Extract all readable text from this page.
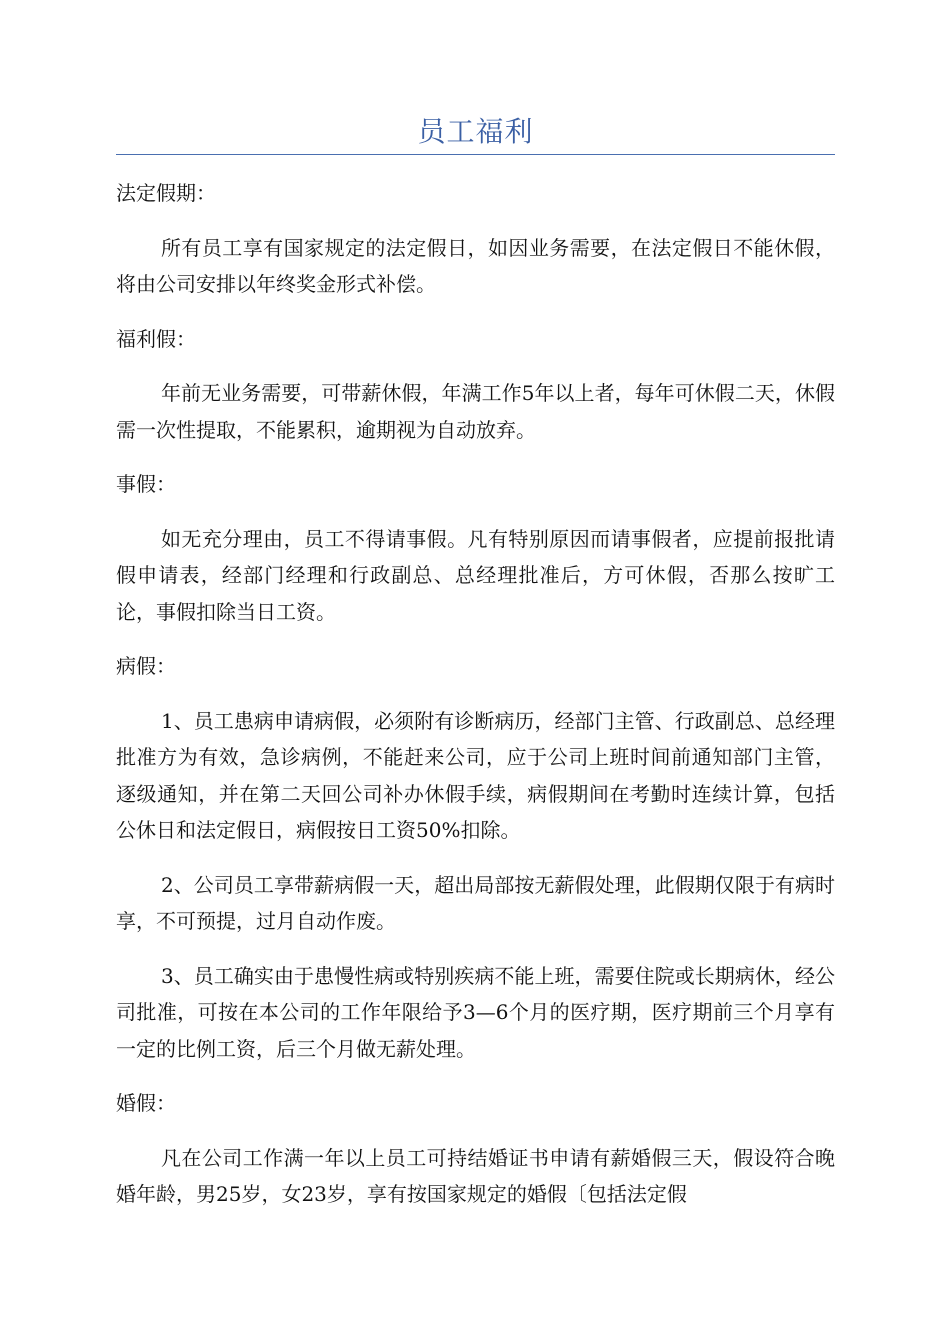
员工福利

法定假期：

所有员工享有国家规定的法定假日，如因业务需要，在法定假日不能休假，将由公司安排以年终奖金形式补偿。

福利假：

年前无业务需要，可带薪休假，年满工作5年以上者，每年可休假二天，休假需一次性提取，不能累积，逾期视为自动放弃。

事假：

如无充分理由，员工不得请事假。凡有特别原因而请事假者，应提前报批请假申请表，经部门经理和行政副总、总经理批准后，方可休假，否那么按旷工论，事假扣除当日工资。

病假：

1、员工患病申请病假，必须附有诊断病历，经部门主管、行政副总、总经理批准方为有效，急诊病例，不能赶来公司，应于公司上班时间前通知部门主管，逐级通知，并在第二天回公司补办休假手续，病假期间在考勤时连续计算，包括公休日和法定假日，病假按日工资50%扣除。

2、公司员工享带薪病假一天，超出局部按无薪假处理，此假期仅限于有病时享，不可预提，过月自动作废。

3、员工确实由于患慢性病或特别疾病不能上班，需要住院或长期病休，经公司批准，可按在本公司的工作年限给予3—6个月的医疗期，医疗期前三个月享有一定的比例工资，后三个月做无薪处理。

婚假：

凡在公司工作满一年以上员工可持结婚证书申请有薪婚假三天，假设符合晚婚年龄，男25岁，女23岁，享有按国家规定的婚假〔包括法定假
